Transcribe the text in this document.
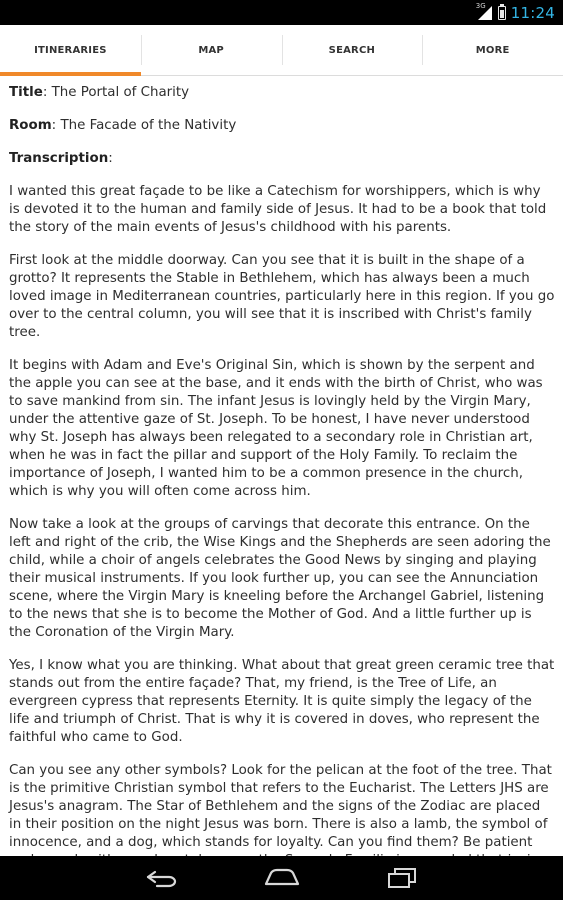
3G 11:24
ITINERARIES	MAP	SEARCH	MORE

Title: The Portal of Charity

Room: The Facade of the Nativity

Transcription:

I wanted this great façade to be like a Catechism for worshippers, which is why is devoted it to the human and family side of Jesus. It had to be a book that told the story of the main events of Jesus's childhood with his parents.

First look at the middle doorway. Can you see that it is built in the shape of a grotto? It represents the Stable in Bethlehem, which has always been a much loved image in Mediterranean countries, particularly here in this region. If you go over to the central column, you will see that it is inscribed with Christ's family tree.

It begins with Adam and Eve's Original Sin, which is shown by the serpent and the apple you can see at the base, and it ends with the birth of Christ, who was to save mankind from sin. The infant Jesus is lovingly held by the Virgin Mary, under the attentive gaze of St. Joseph. To be honest, I have never understood why St. Joseph has always been relegated to a secondary role in Christian art, when he was in fact the pillar and support of the Holy Family. To reclaim the importance of Joseph, I wanted him to be a common presence in the church, which is why you will often come across him.

Now take a look at the groups of carvings that decorate this entrance. On the left and right of the crib, the Wise Kings and the Shepherds are seen adoring the child, while a choir of angels celebrates the Good News by singing and playing their musical instruments. If you look further up, you can see the Annunciation scene, where the Virgin Mary is kneeling before the Archangel Gabriel, listening to the news that she is to become the Mother of God. And a little further up is the Coronation of the Virgin Mary.

Yes, I know what you are thinking. What about that great green ceramic tree that stands out from the entire façade? That, my friend, is the Tree of Life, an evergreen cypress that represents Eternity. It is quite simply the legacy of the life and triumph of Christ. That is why it is covered in doves, who represent the faithful who came to God.

Can you see any other symbols? Look for the pelican at the foot of the tree. That is the primitive Christian symbol that refers to the Eucharist. The Letters JHS are Jesus's anagram. The Star of Bethlehem and the signs of the Zodiac are placed in their position on the night Jesus was born. There is also a lamb, the symbol of innocence, and a dog, which stands for loyalty. Can you find them? Be patient
